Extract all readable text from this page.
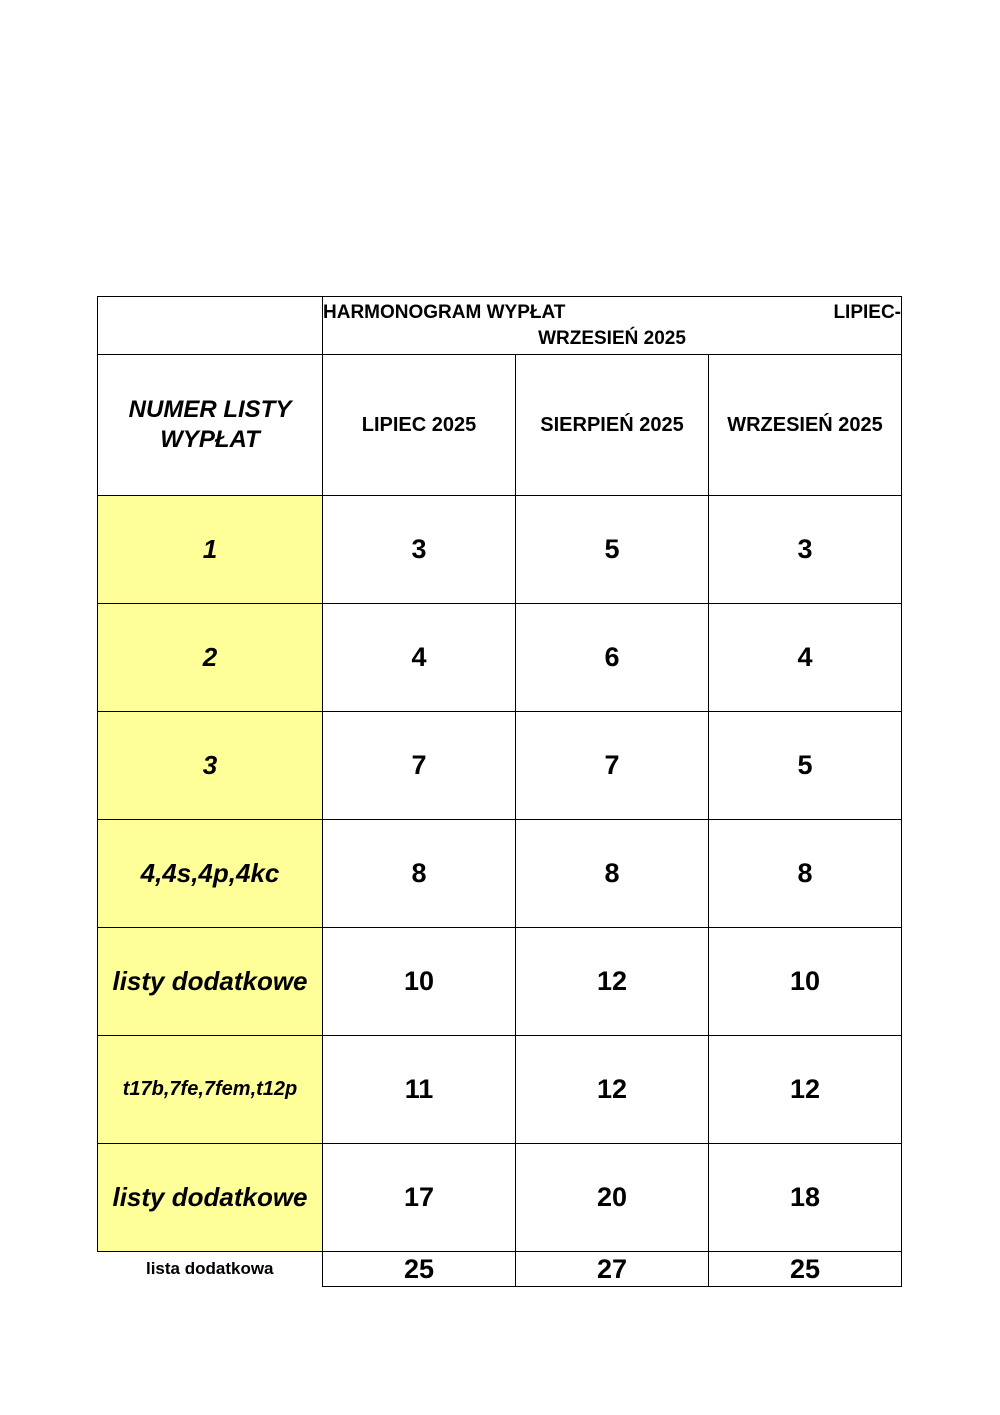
	HARMONOGRAM WYPŁAT LIPIEC-
WRZESIEŃ 2025		

NUMER LISTY WYPŁAT	LIPIEC 2025	SIERPIEŃ 2025	WRZESIEŃ 2025
1	3	5	3
2	4	6	4
3	7	7	5
4,4s,4p,4kc	8	8	8
listy dodatkowe	10	12	10
t17b,7fe,7fem,t12p	11	12	12
listy dodatkowe	17	20	18
lista dodatkowa	25	27	25
